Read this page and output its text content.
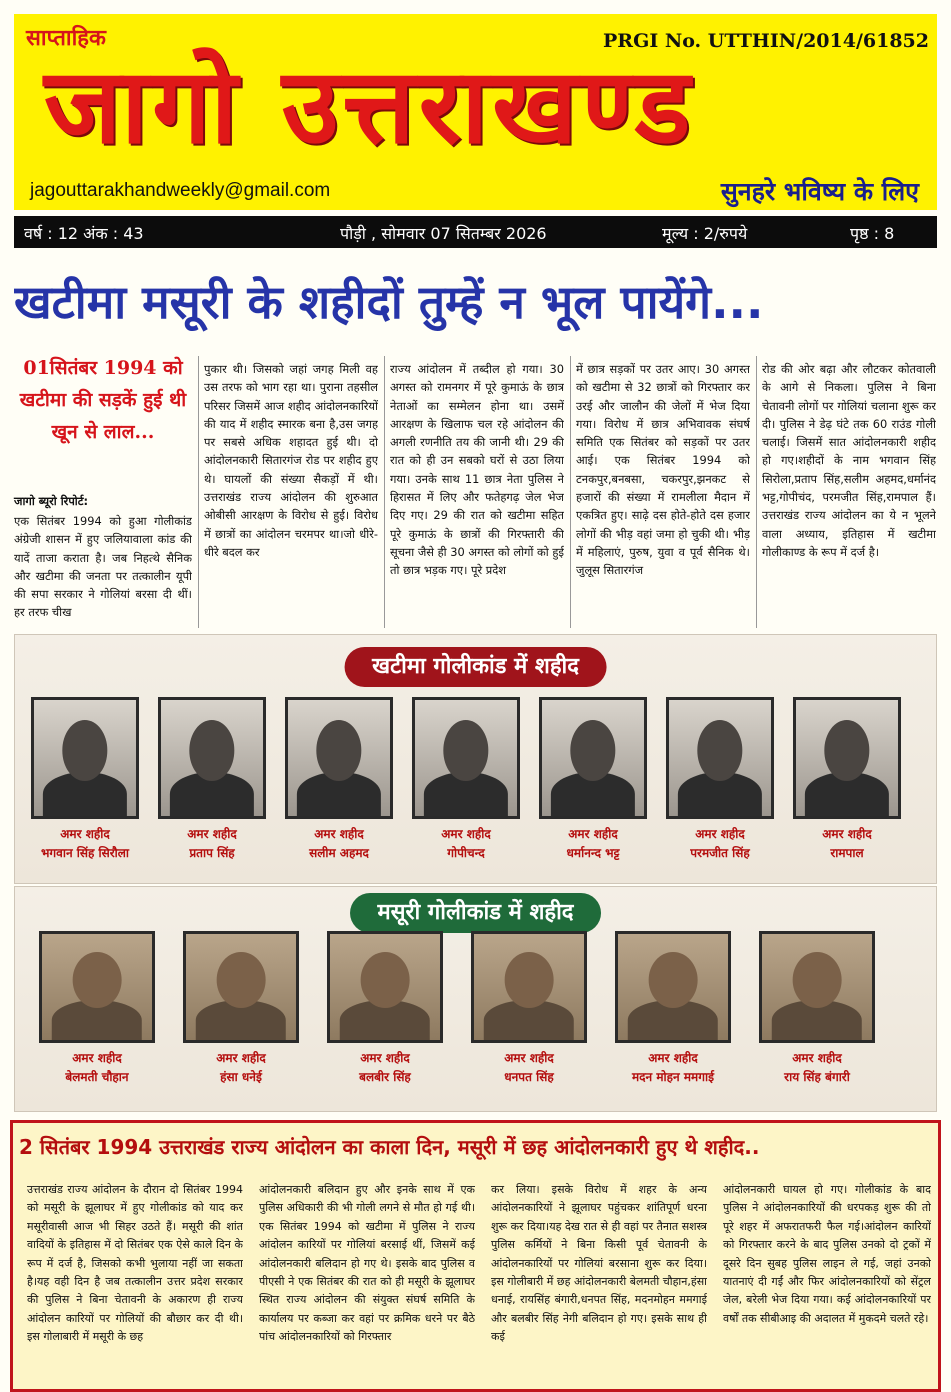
साप्ताहिक	PRGI No. UTTHIN/2014/61852
जागो उत्तराखण्ड
jagouttarakhandweekly@gmail.com	सुनहरे भविष्य के लिए
वर्ष : 12 अंक : 43	पौड़ी , सोमवार 07 सितम्बर 2026	मूल्य : 2/रुपये	पृष्ठ : 8
खटीमा मसूरी के शहीदों तुम्हें न भूल पायेंगे...
01सितंबर 1994 को खटीमा की सड़कें हुई थी खून से लाल...
जागो ब्यूरो रिपोर्ट:
एक सितंबर 1994 को हुआ गोलीकांड अंग्रेजी शासन में हुए जलियावाला कांड की यादें ताजा कराता है। जब निहत्थे सैनिक और खटीमा की जनता पर तत्कालीन यूपी की सपा सरकार ने गोलियां बरसा दी थीं। हर तरफ चीख
पुकार थी। जिसको जहां जगह मिली वह उस तरफ को भाग रहा था। पुराना तहसील परिसर जिसमें आज शहीद आंदोलनकारियों की याद में शहीद स्मारक बना है,उस जगह पर सबसे अधिक शहादत हुई थी। दो आंदोलनकारी सितारगंज रोड पर शहीद हुए थे। घायलों की संख्या सैकड़ों में थी।उत्तराखंड राज्य आंदोलन की शुरुआत ओबीसी आरक्षण के विरोध से हुई। विरोध में छात्रों का आंदोलन चरमपर था।जो धीरे-धीरे बदल कर
राज्य आंदोलन में तब्दील हो गया। 30 अगस्त को रामनगर में पूरे कुमाऊं के छात्र नेताओं का सम्मेलन होना था। उसमें आरक्षण के खिलाफ चल रहे आंदोलन की अगली रणनीति तय की जानी थी। 29 की रात को ही उन सबको घरों से उठा लिया गया। उनके साथ 11 छात्र नेता पुलिस ने हिरासत में लिए और फतेहगढ़ जेल भेज दिए गए। 29 की रात को खटीमा सहित पूरे कुमाऊं के छात्रों की गिरफ्तारी की सूचना जैसे ही 30 अगस्त को लोगों को हुई तो छात्र भड़क गए। पूरे प्रदेश
में छात्र सड़कों पर उतर आए। 30 अगस्त को खटीमा से 32 छात्रों को गिरफ्तार कर उरई और जालौन की जेलों में भेज दिया गया। विरोध में छात्र अभिवावक संघर्ष समिति एक सितंबर को सड़कों पर उतर आई। एक सितंबर 1994 को टनकपुर,बनबसा, चकरपुर,झनकट से हजारों की संख्या में रामलीला मैदान में एकत्रित हुए। साढ़े दस होते-होते दस हजार लोगों की भीड़ वहां जमा हो चुकी थी। भीड़ में महिलाएं, पुरुष, युवा व पूर्व सैनिक थे। जुलूस सितारगंज
रोड की ओर बढ़ा और लौटकर कोतवाली के आगे से निकला। पुलिस ने बिना चेतावनी लोगों पर गोलियां चलाना शुरू कर दी। पुलिस ने डेढ़ घंटे तक 60 राउंड गोली चलाई। जिसमें सात आंदोलनकारी शहीद हो गए।शहीदों के नाम भगवान सिंह सिरोला,प्रताप सिंह,सलीम अहमद,धर्मानंद भट्ट,गोपीचंद, परमजीत सिंह,रामपाल हैं।उत्तराखंड राज्य आंदोलन का ये न भूलने वाला अध्याय, इतिहास में खटीमा गोलीकाण्ड के रूप में दर्ज है।
खटीमा गोलीकांड में शहीद
अमर शहीद
भगवान सिंह सिरौला
अमर शहीद
प्रताप सिंह
अमर शहीद
सलीम अहमद
अमर शहीद
गोपीचन्द
अमर शहीद
धर्मानन्द भट्ट
अमर शहीद
परमजीत सिंह
अमर शहीद
रामपाल
मसूरी गोलीकांड में शहीद
अमर शहीद
बेलमती चौहान
अमर शहीद
हंसा धनेई
अमर शहीद
बलबीर सिंह
अमर शहीद
धनपत सिंह
अमर शहीद
मदन मोहन ममगाई
अमर शहीद
राय सिंह बंगारी
2 सितंबर 1994 उत्तराखंड राज्य आंदोलन का काला दिन, मसूरी में छह आंदोलनकारी हुए थे शहीद..
उत्तराखंड राज्य आंदोलन के दौरान दो सितंबर 1994 को मसूरी के झूलाघर में हुए गोलीकांड को याद कर मसूरीवासी आज भी सिहर उठते हैं। मसूरी की शांत वादियों के इतिहास में दो सितंबर एक ऐसे काले दिन के रूप में दर्ज है, जिसको कभी भुलाया नहीं जा सकता है।यह वही दिन है जब तत्कालीन उत्तर प्रदेश सरकार की पुलिस ने बिना चेतावनी के अकारण ही राज्य आंदोलन कारियों पर गोलियों की बौछार कर दी थी। इस गोलाबारी में मसूरी के छह
आंदोलनकारी बलिदान हुए और इनके साथ में एक पुलिस अधिकारी की भी गोली लगने से मौत हो गई थी।एक सितंबर 1994 को खटीमा में पुलिस ने राज्य आंदोलन कारियों पर गोलियां बरसाई थीं, जिसमें कई आंदोलनकारी बलिदान हो गए थे। इसके बाद पुलिस व पीएसी ने एक सितंबर की रात को ही मसूरी के झूलाघर स्थित राज्य आंदोलन की संयुक्त संघर्ष समिति के कार्यालय पर कब्जा कर वहां पर क्रमिक धरने पर बैठे पांच आंदोलनकारियों को गिरफ्तार
कर लिया। इसके विरोध में शहर के अन्य आंदोलनकारियों ने झूलाघर पहुंचकर शांतिपूर्ण धरना शुरू कर दिया।यह देख रात से ही वहां पर तैनात सशस्त्र पुलिस कर्मियों ने बिना किसी पूर्व चेतावनी के आंदोलनकारियों पर गोलियां बरसाना शुरू कर दिया। इस गोलीबारी में छह आंदोलनकारी बेलमती चौहान,हंसा धनाई, रायसिंह बंगारी,धनपत सिंह, मदनमोहन ममगाई और बलबीर सिंह नेगी बलिदान हो गए। इसके साथ ही कई
आंदोलनकारी घायल हो गए। गोलीकांड के बाद पुलिस ने आंदोलनकारियों की धरपकड़ शुरू की तो पूरे शहर में अफरातफरी फैल गई।आंदोलन कारियों को गिरफ्तार करने के बाद पुलिस उनको दो ट्रकों में दूसरे दिन सुबह पुलिस लाइन ले गई, जहां उनको यातनाएं दी गईं और फिर आंदोलनकारियों को सेंट्रल जेल, बरेली भेज दिया गया। कई आंदोलनकारियों पर वर्षों तक सीबीआइ की अदालत में मुकदमे चलते रहे।
